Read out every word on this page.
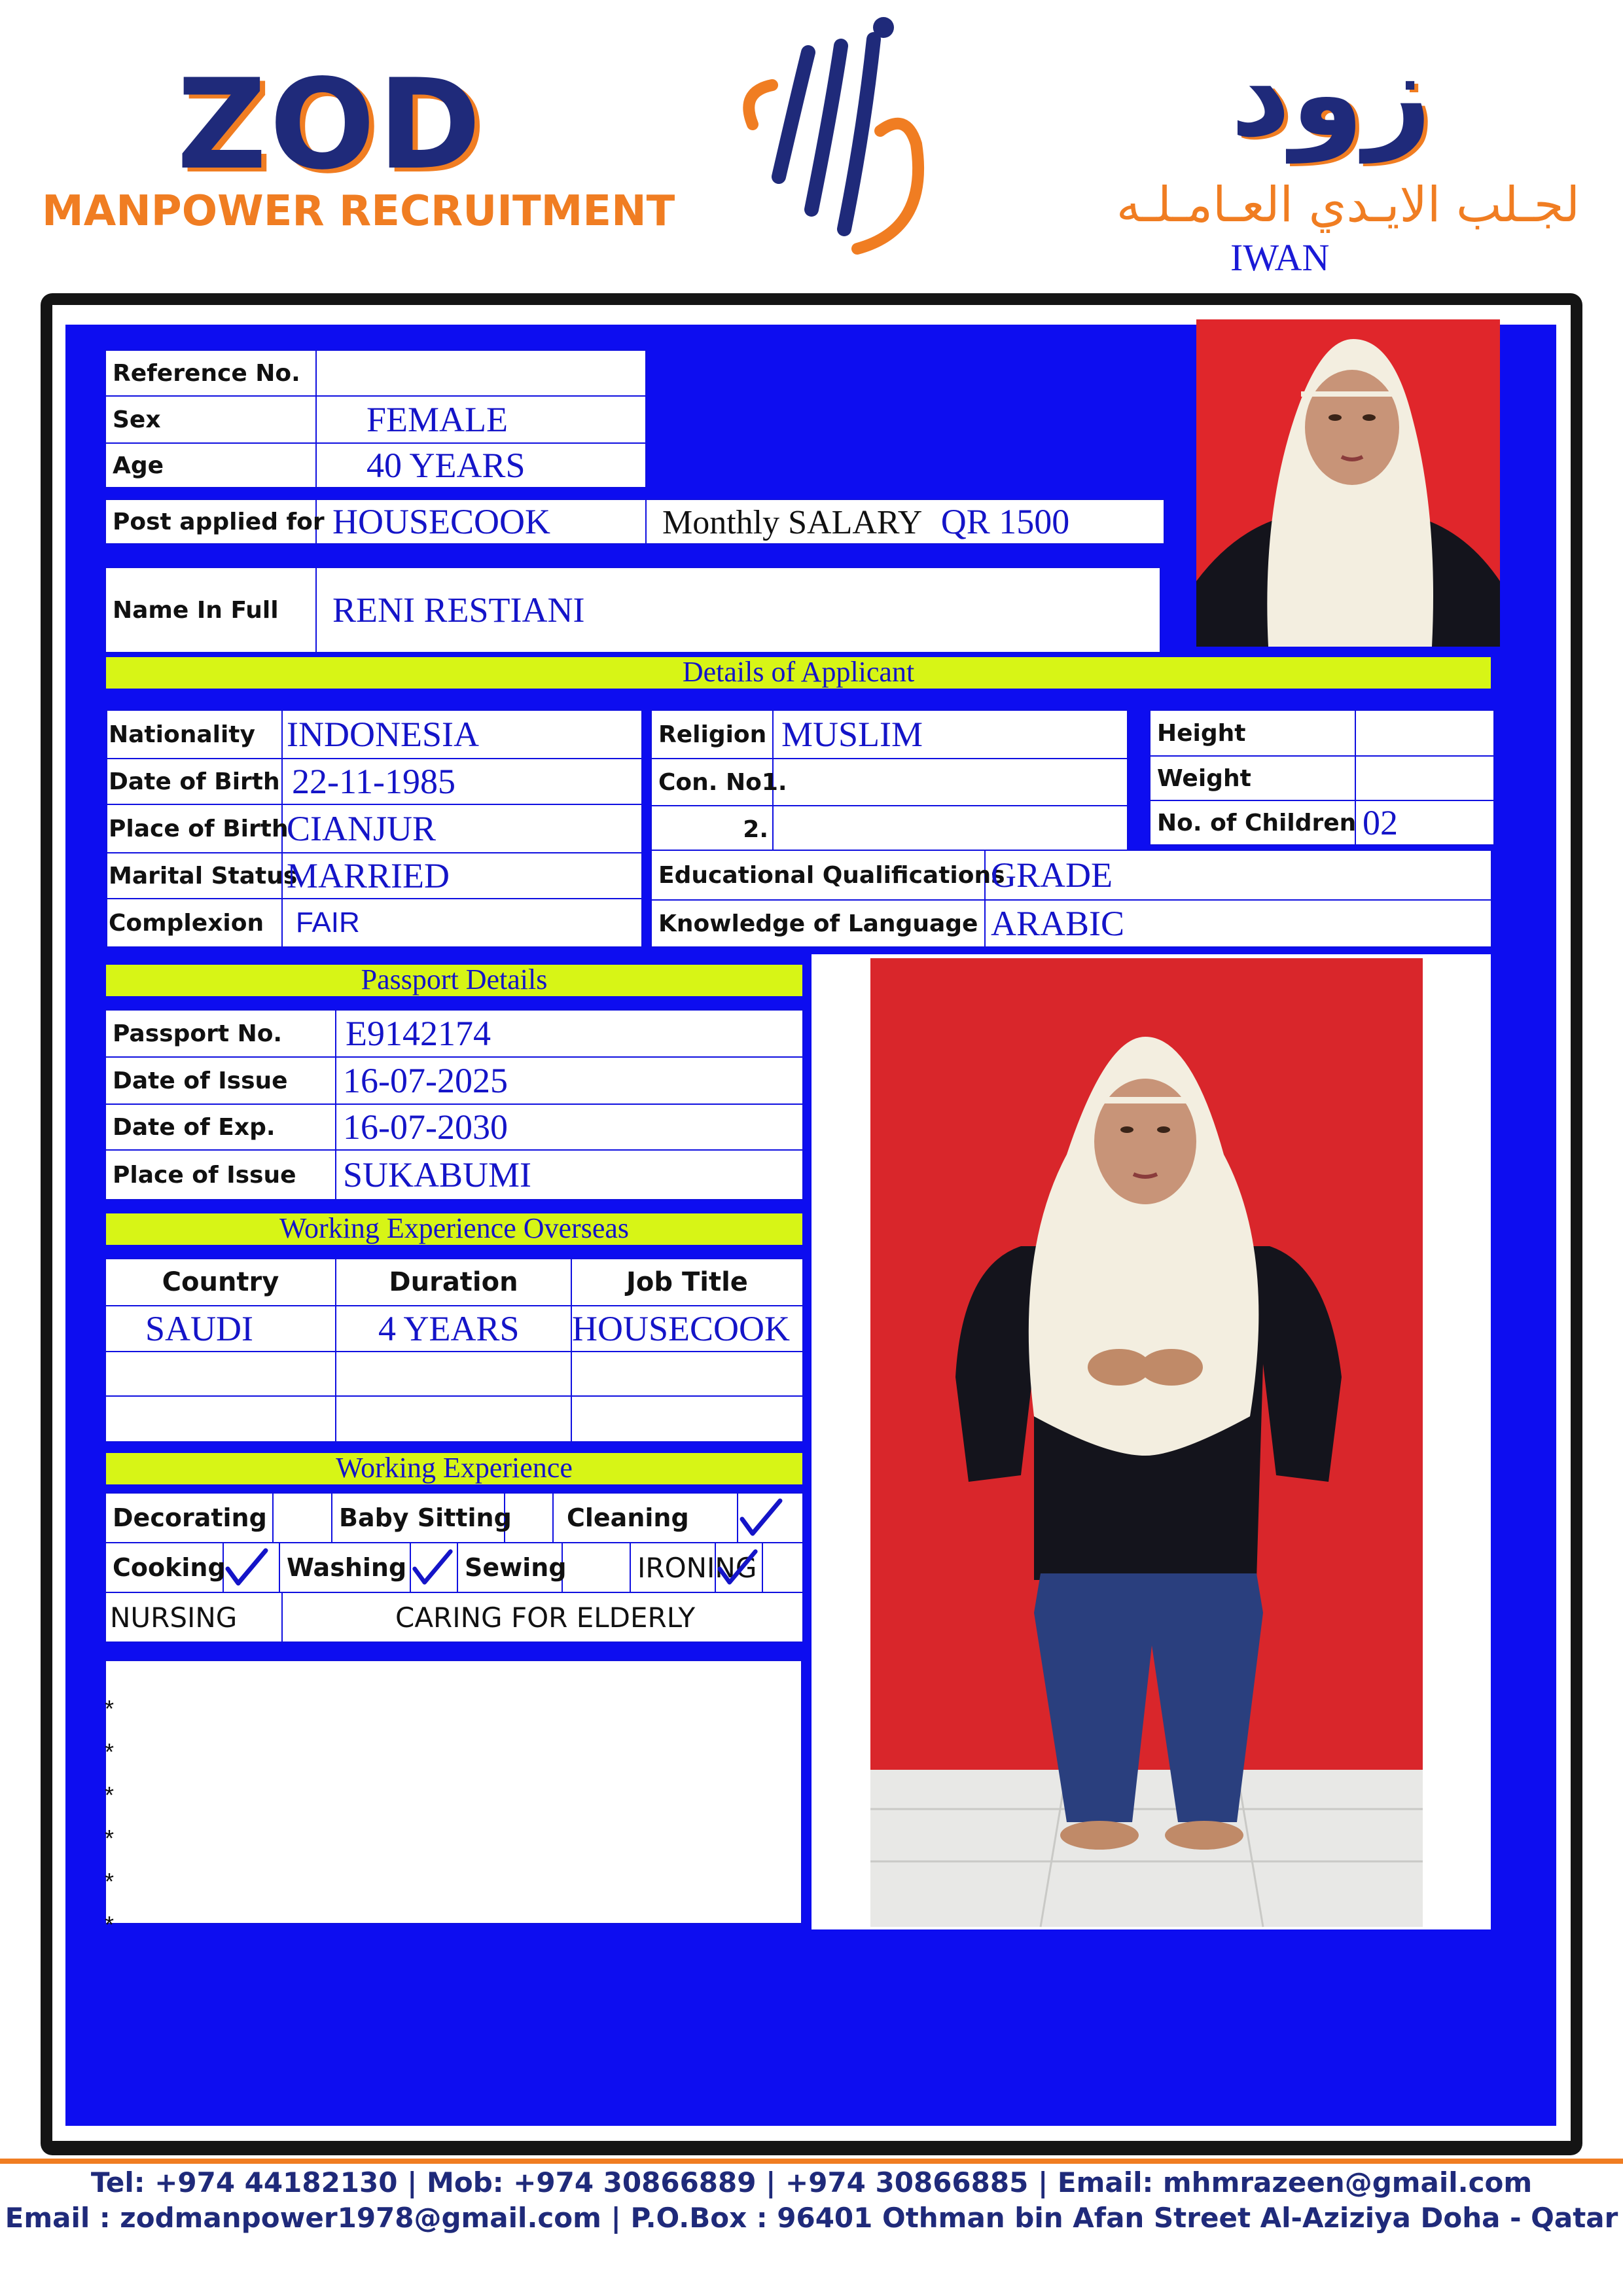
ZOD
MANPOWER RECRUITMENT
زود
لجـلب الايـدي العـامـلـه
IWAN
Reference No.	
Sex	FEMALE
Age	40 YEARS
Post applied for	HOUSECOOK	Monthly SALARY QR 1500
Name In Full	RENI RESTIANI
Details of Applicant
Nationality	INDONESIA
Date of Birth	22-11-1985
Place of Birth	CIANJUR
Marital Status	MARRIED
Complexion	FAIR
Religion	MUSLIM
Con. No1.	
2.	
Height	
Weight	
No. of Children	02
Educational Qualifications	GRADE
Knowledge of Language	ARABIC
Passport Details
Passport No.	E9142174
Date of Issue	16-07-2025
Date of Exp.	16-07-2030
Place of Issue	SUKABUMI
Working Experience Overseas
Country	Duration	Job Title
SAUDI	4 YEARS	HOUSECOOK

Working Experience
Decorating		Baby Sitting		Cleaning	
Cooking		Washing		Sewing		IRONING		
NURSING	CARING FOR ELDERLY
*
*
*
*
*
*
Tel: +974 44182130 | Mob: +974 30866889 | +974 30866885 | Email: mhmrazeen@gmail.com
Email : zodmanpower1978@gmail.com | P.O.Box : 96401 Othman bin Afan Street Al-Aziziya Doha - Qatar
